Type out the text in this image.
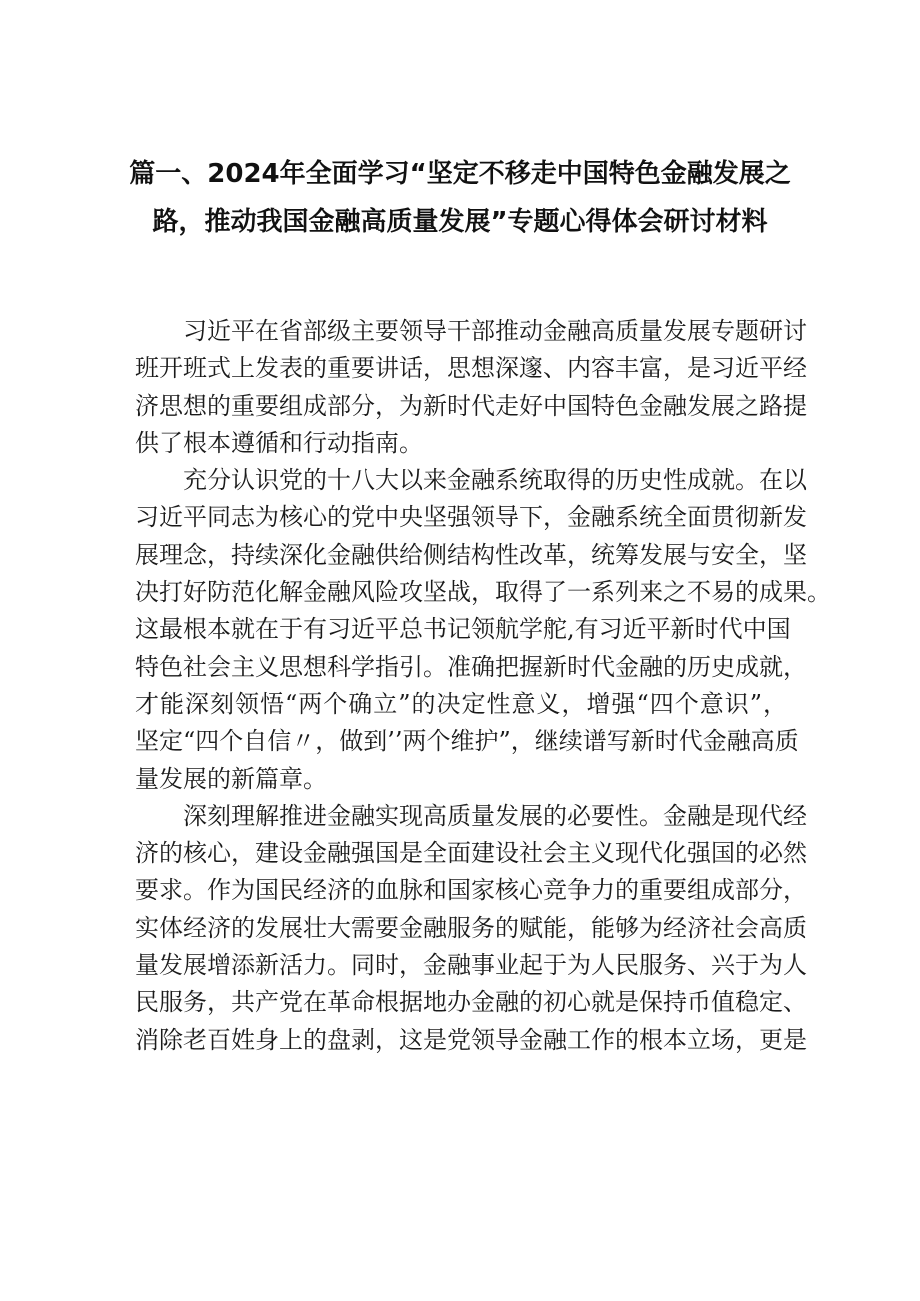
篇一、2024年全面学习“坚定不移走中国特色金融发展之
路，推动我国金融高质量发展”专题心得体会研讨材料
习近平在省部级主要领导干部推动金融高质量发展专题研讨
班开班式上发表的重要讲话，思想深邃、内容丰富，是习近平经
济思想的重要组成部分，为新时代走好中国特色金融发展之路提
供了根本遵循和行动指南。
充分认识党的十八大以来金融系统取得的历史性成就。在以
习近平同志为核心的党中央坚强领导下，金融系统全面贯彻新发
展理念，持续深化金融供给侧结构性改革，统筹发展与安全，坚
决打好防范化解金融风险攻坚战，取得了一系列来之不易的成果。
这最根本就在于有习近平总书记领航学舵,有习近平新时代中国
特色社会主义思想科学指引。准确把握新时代金融的历史成就，
才能深刻领悟“两个确立”的决定性意义，增强“四个意识”，
坚定“四个自信〃，做到’’两个维护”，继续谱写新时代金融高质
量发展的新篇章。
深刻理解推进金融实现高质量发展的必要性。金融是现代经
济的核心，建设金融强国是全面建设社会主义现代化强国的必然
要求。作为国民经济的血脉和国家核心竞争力的重要组成部分，
实体经济的发展壮大需要金融服务的赋能，能够为经济社会高质
量发展增添新活力。同时，金融事业起于为人民服务、兴于为人
民服务，共产党在革命根据地办金融的初心就是保持币值稳定、
消除老百姓身上的盘剥，这是党领导金融工作的根本立场，更是
